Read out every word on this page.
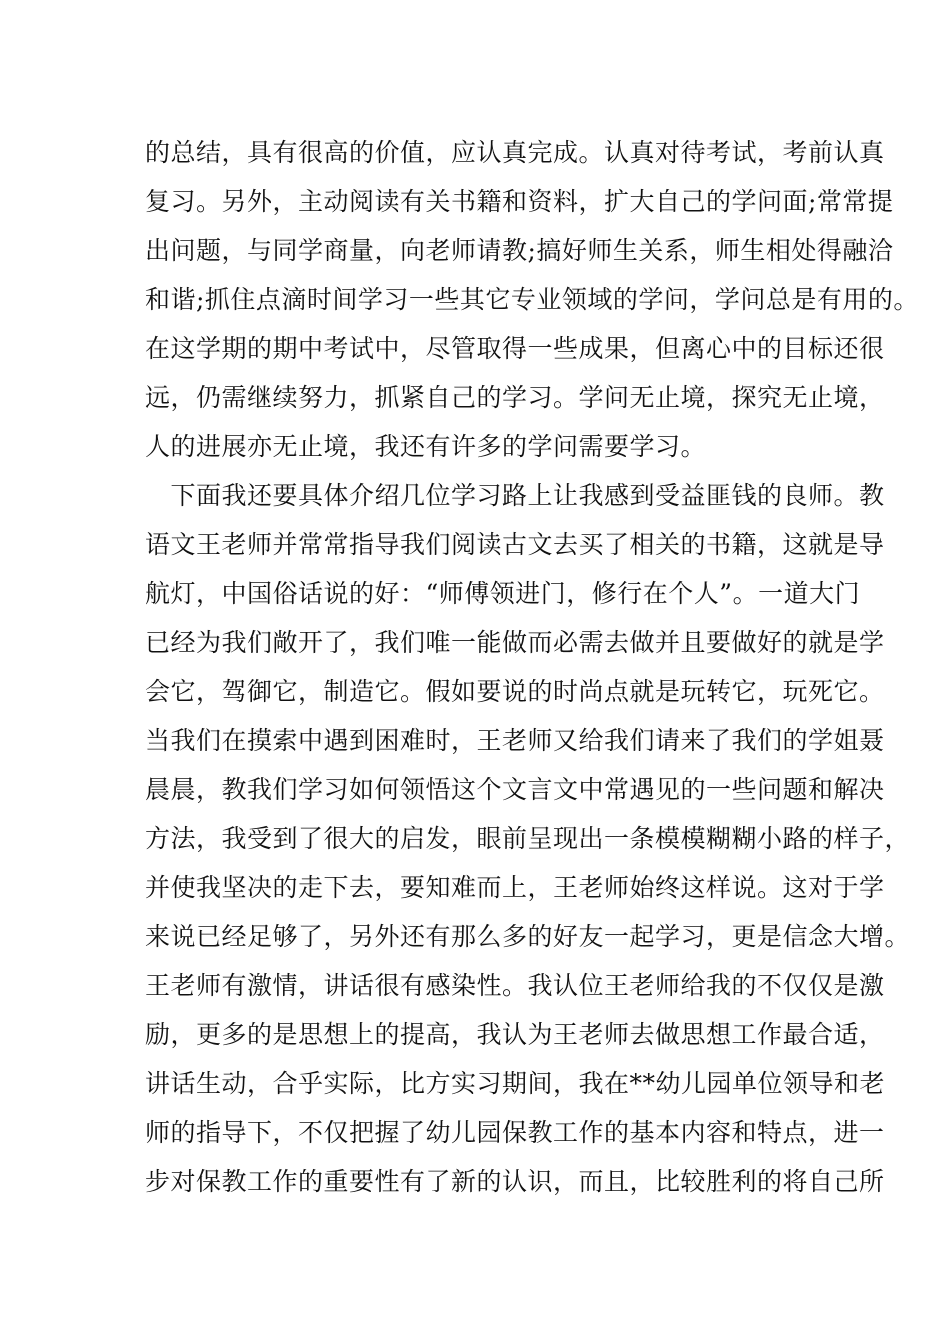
的总结，具有很高的价值，应认真完成。认真对待考试，考前认真
复习。另外，主动阅读有关书籍和资料，扩大自己的学问面;常常提
出问题，与同学商量，向老师请教;搞好师生关系，师生相处得融洽
和谐;抓住点滴时间学习一些其它专业领域的学问，学问总是有用的。
在这学期的期中考试中，尽管取得一些成果，但离心中的目标还很
远，仍需继续努力，抓紧自己的学习。学问无止境，探究无止境，
人的进展亦无止境，我还有许多的学问需要学习。
　下面我还要具体介绍几位学习路上让我感到受益匪钱的良师。教
语文王老师并常常指导我们阅读古文去买了相关的书籍，这就是导
航灯，中国俗话说的好：“师傅领进门，修行在个人”。一道大门
已经为我们敞开了，我们唯一能做而必需去做并且要做好的就是学
会它，驾御它，制造它。假如要说的时尚点就是玩转它，玩死它。
当我们在摸索中遇到困难时，王老师又给我们请来了我们的学姐聂
晨晨，教我们学习如何领悟这个文言文中常遇见的一些问题和解决
方法，我受到了很大的启发，眼前呈现出一条模模糊糊小路的样子，
并使我坚决的走下去，要知难而上，王老师始终这样说。这对于学
来说已经足够了，另外还有那么多的好友一起学习，更是信念大增。
王老师有激情，讲话很有感染性。我认位王老师给我的不仅仅是激
励，更多的是思想上的提高，我认为王老师去做思想工作最合适，
讲话生动，合乎实际，比方实习期间，我在**幼儿园单位领导和老
师的指导下，不仅把握了幼儿园保教工作的基本内容和特点，进一
步对保教工作的重要性有了新的认识，而且，比较胜利的将自己所
